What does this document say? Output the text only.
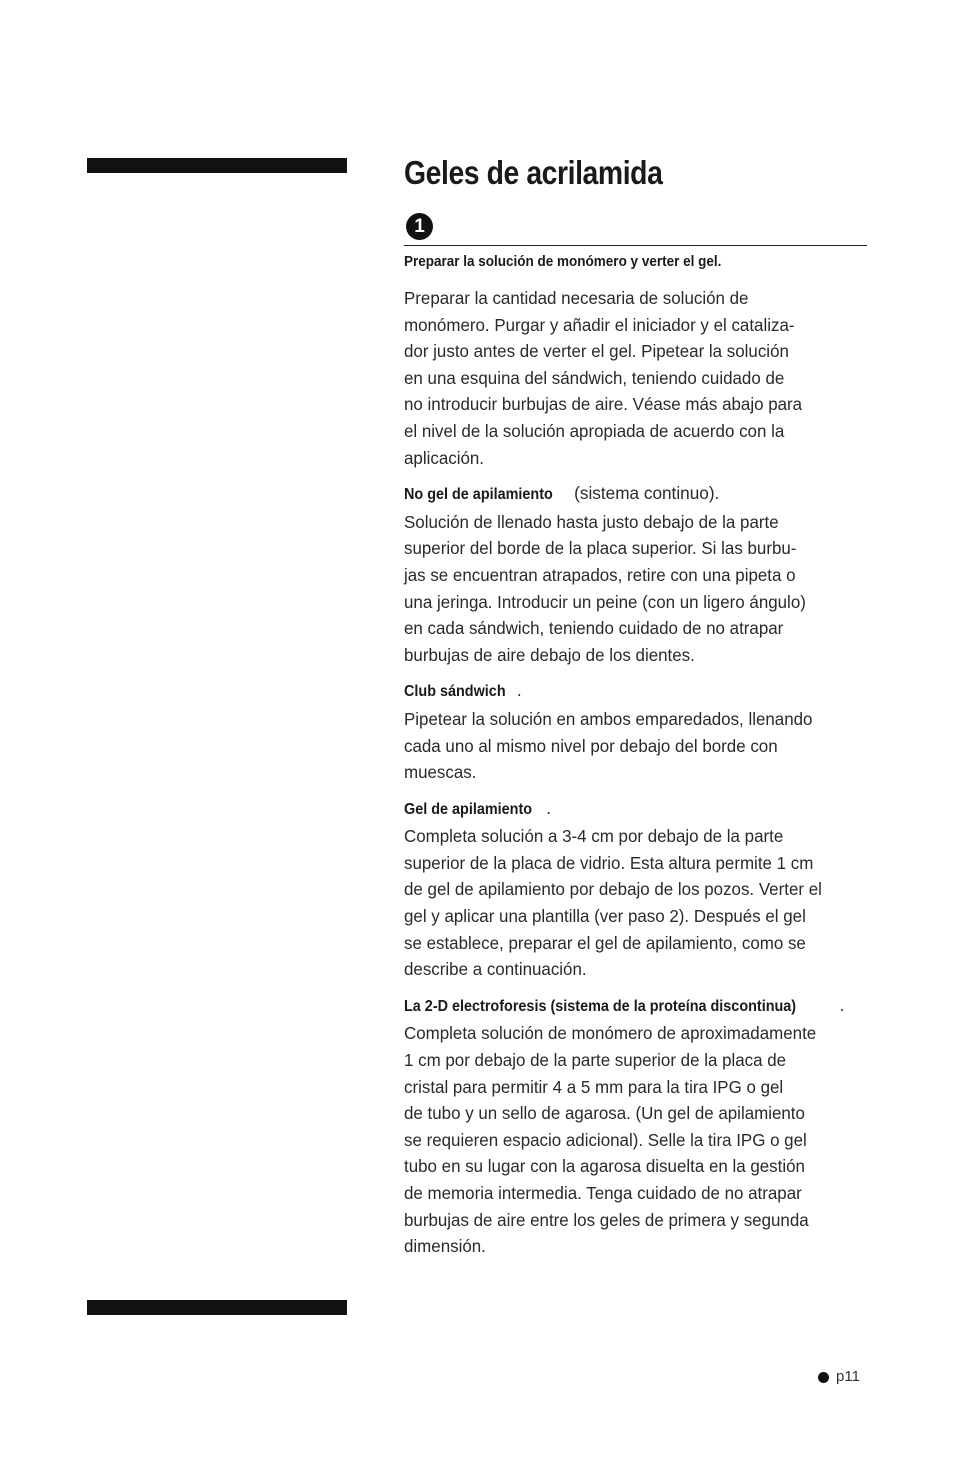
Geles de acrilamida
1

Preparar la solución de monómero y verter el gel.

Preparar la cantidad necesaria de solución de
monómero. Purgar y añadir el iniciador y el cataliza-
dor justo antes de verter el gel. Pipetear la solución
en una esquina del sándwich, teniendo cuidado de
no introducir burbujas de aire. Véase más abajo para
el nivel de la solución apropiada de acuerdo con la
aplicación.

No gel de apilamiento (sistema continuo).

Solución de llenado hasta justo debajo de la parte
superior del borde de la placa superior. Si las burbu-
jas se encuentran atrapados, retire con una pipeta o
una jeringa. Introducir un peine (con un ligero ángulo)
en cada sándwich, teniendo cuidado de no atrapar
burbujas de aire debajo de los dientes.

Club sándwich .

Pipetear la solución en ambos emparedados, llenando
cada uno al mismo nivel por debajo del borde con
muescas.

Gel de apilamiento .

Completa solución a 3-4 cm por debajo de la parte
superior de la placa de vidrio. Esta altura permite 1 cm
de gel de apilamiento por debajo de los pozos. Verter el
gel y aplicar una plantilla (ver paso 2). Después el gel
se establece, preparar el gel de apilamiento, como se
describe a continuación.

La 2-D electroforesis (sistema de la proteína discontinua)	.

Completa solución de monómero de aproximadamente
1 cm por debajo de la parte superior de la placa de
cristal para permitir 4 a 5 mm para la tira IPG o gel
de tubo y un sello de agarosa. (Un gel de apilamiento
se requieren espacio adicional). Selle la tira IPG o gel
tubo en su lugar con la agarosa disuelta en la gestión
de memoria intermedia. Tenga cuidado de no atrapar
burbujas de aire entre los geles de primera y segunda
dimensión.

p11
